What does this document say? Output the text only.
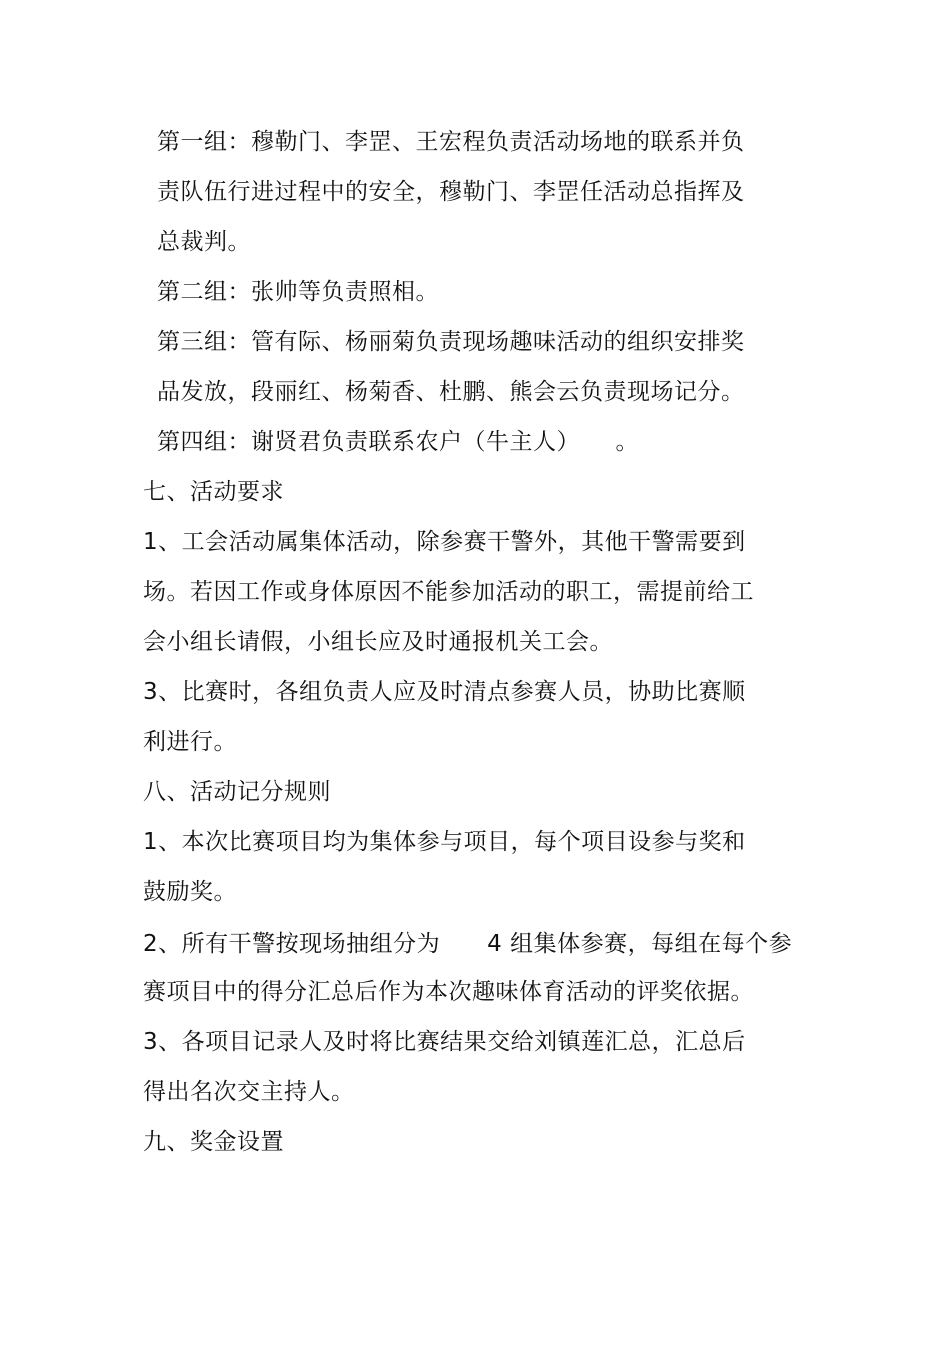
第一组：穆勒门、李罡、王宏程负责活动场地的联系并负
责队伍行进过程中的安全，穆勒门、李罡任活动总指挥及
总裁判。
第二组：张帅等负责照相。
第三组：管有际、杨丽菊负责现场趣味活动的组织安排奖
品发放，段丽红、杨菊香、杜鹏、熊会云负责现场记分。
第四组：谢贤君负责联系农户（牛主人）　　。
七、活动要求
1、工会活动属集体活动，除参赛干警外，其他干警需要到
场。若因工作或身体原因不能参加活动的职工，需提前给工
会小组长请假，小组长应及时通报机关工会。
3、比赛时，各组负责人应及时清点参赛人员，协助比赛顺
利进行。
八、活动记分规则
1、本次比赛项目均为集体参与项目，每个项目设参与奖和
鼓励奖。
2、所有干警按现场抽组分为　　4 组集体参赛，每组在每个参
赛项目中的得分汇总后作为本次趣味体育活动的评奖依据。
3、各项目记录人及时将比赛结果交给刘镇莲汇总，汇总后
得出名次交主持人。
九、奖金设置
